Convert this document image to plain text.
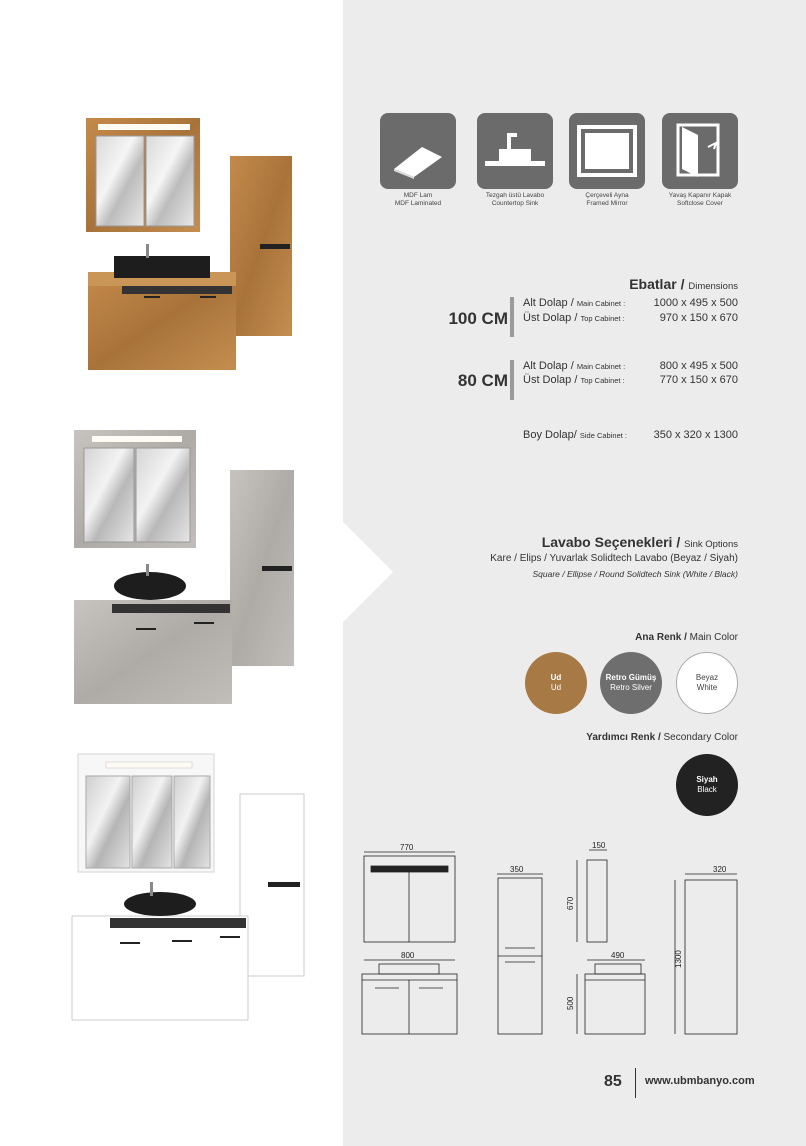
MDF Lam
MDF Laminated
Tezgah üstü Lavabo
Countertop Sink
Çerçeveli Ayna
Framed Mirror
Yavaş Kapanır Kapak
Softclose Cover
Ebatlar / Dimensions
100 CM
Alt Dolap / Main Cabinet :	1000 x 495 x 500
Üst Dolap / Top Cabinet :	970 x 150 x 670
80 CM
Alt Dolap / Main Cabinet :	800 x 495 x 500
Üst Dolap / Top Cabinet :	770 x 150 x 670
Boy Dolap/ Side Cabinet : 350 x 320 x 1300
Lavabo Seçenekleri / Sink Options
Kare / Elips / Yuvarlak Solidtech Lavabo (Beyaz / Siyah)
Square / Ellipse / Round Solidtech Sink (White / Black)
Ana Renk / Main Color
Ud
Ud
Retro Gümüş
Retro Silver
Beyaz
White
Yardımcı Renk / Secondary Color
Siyah
Black
770
800
350
150
670
490
500
320
1300
85 www.ubmbanyo.com
